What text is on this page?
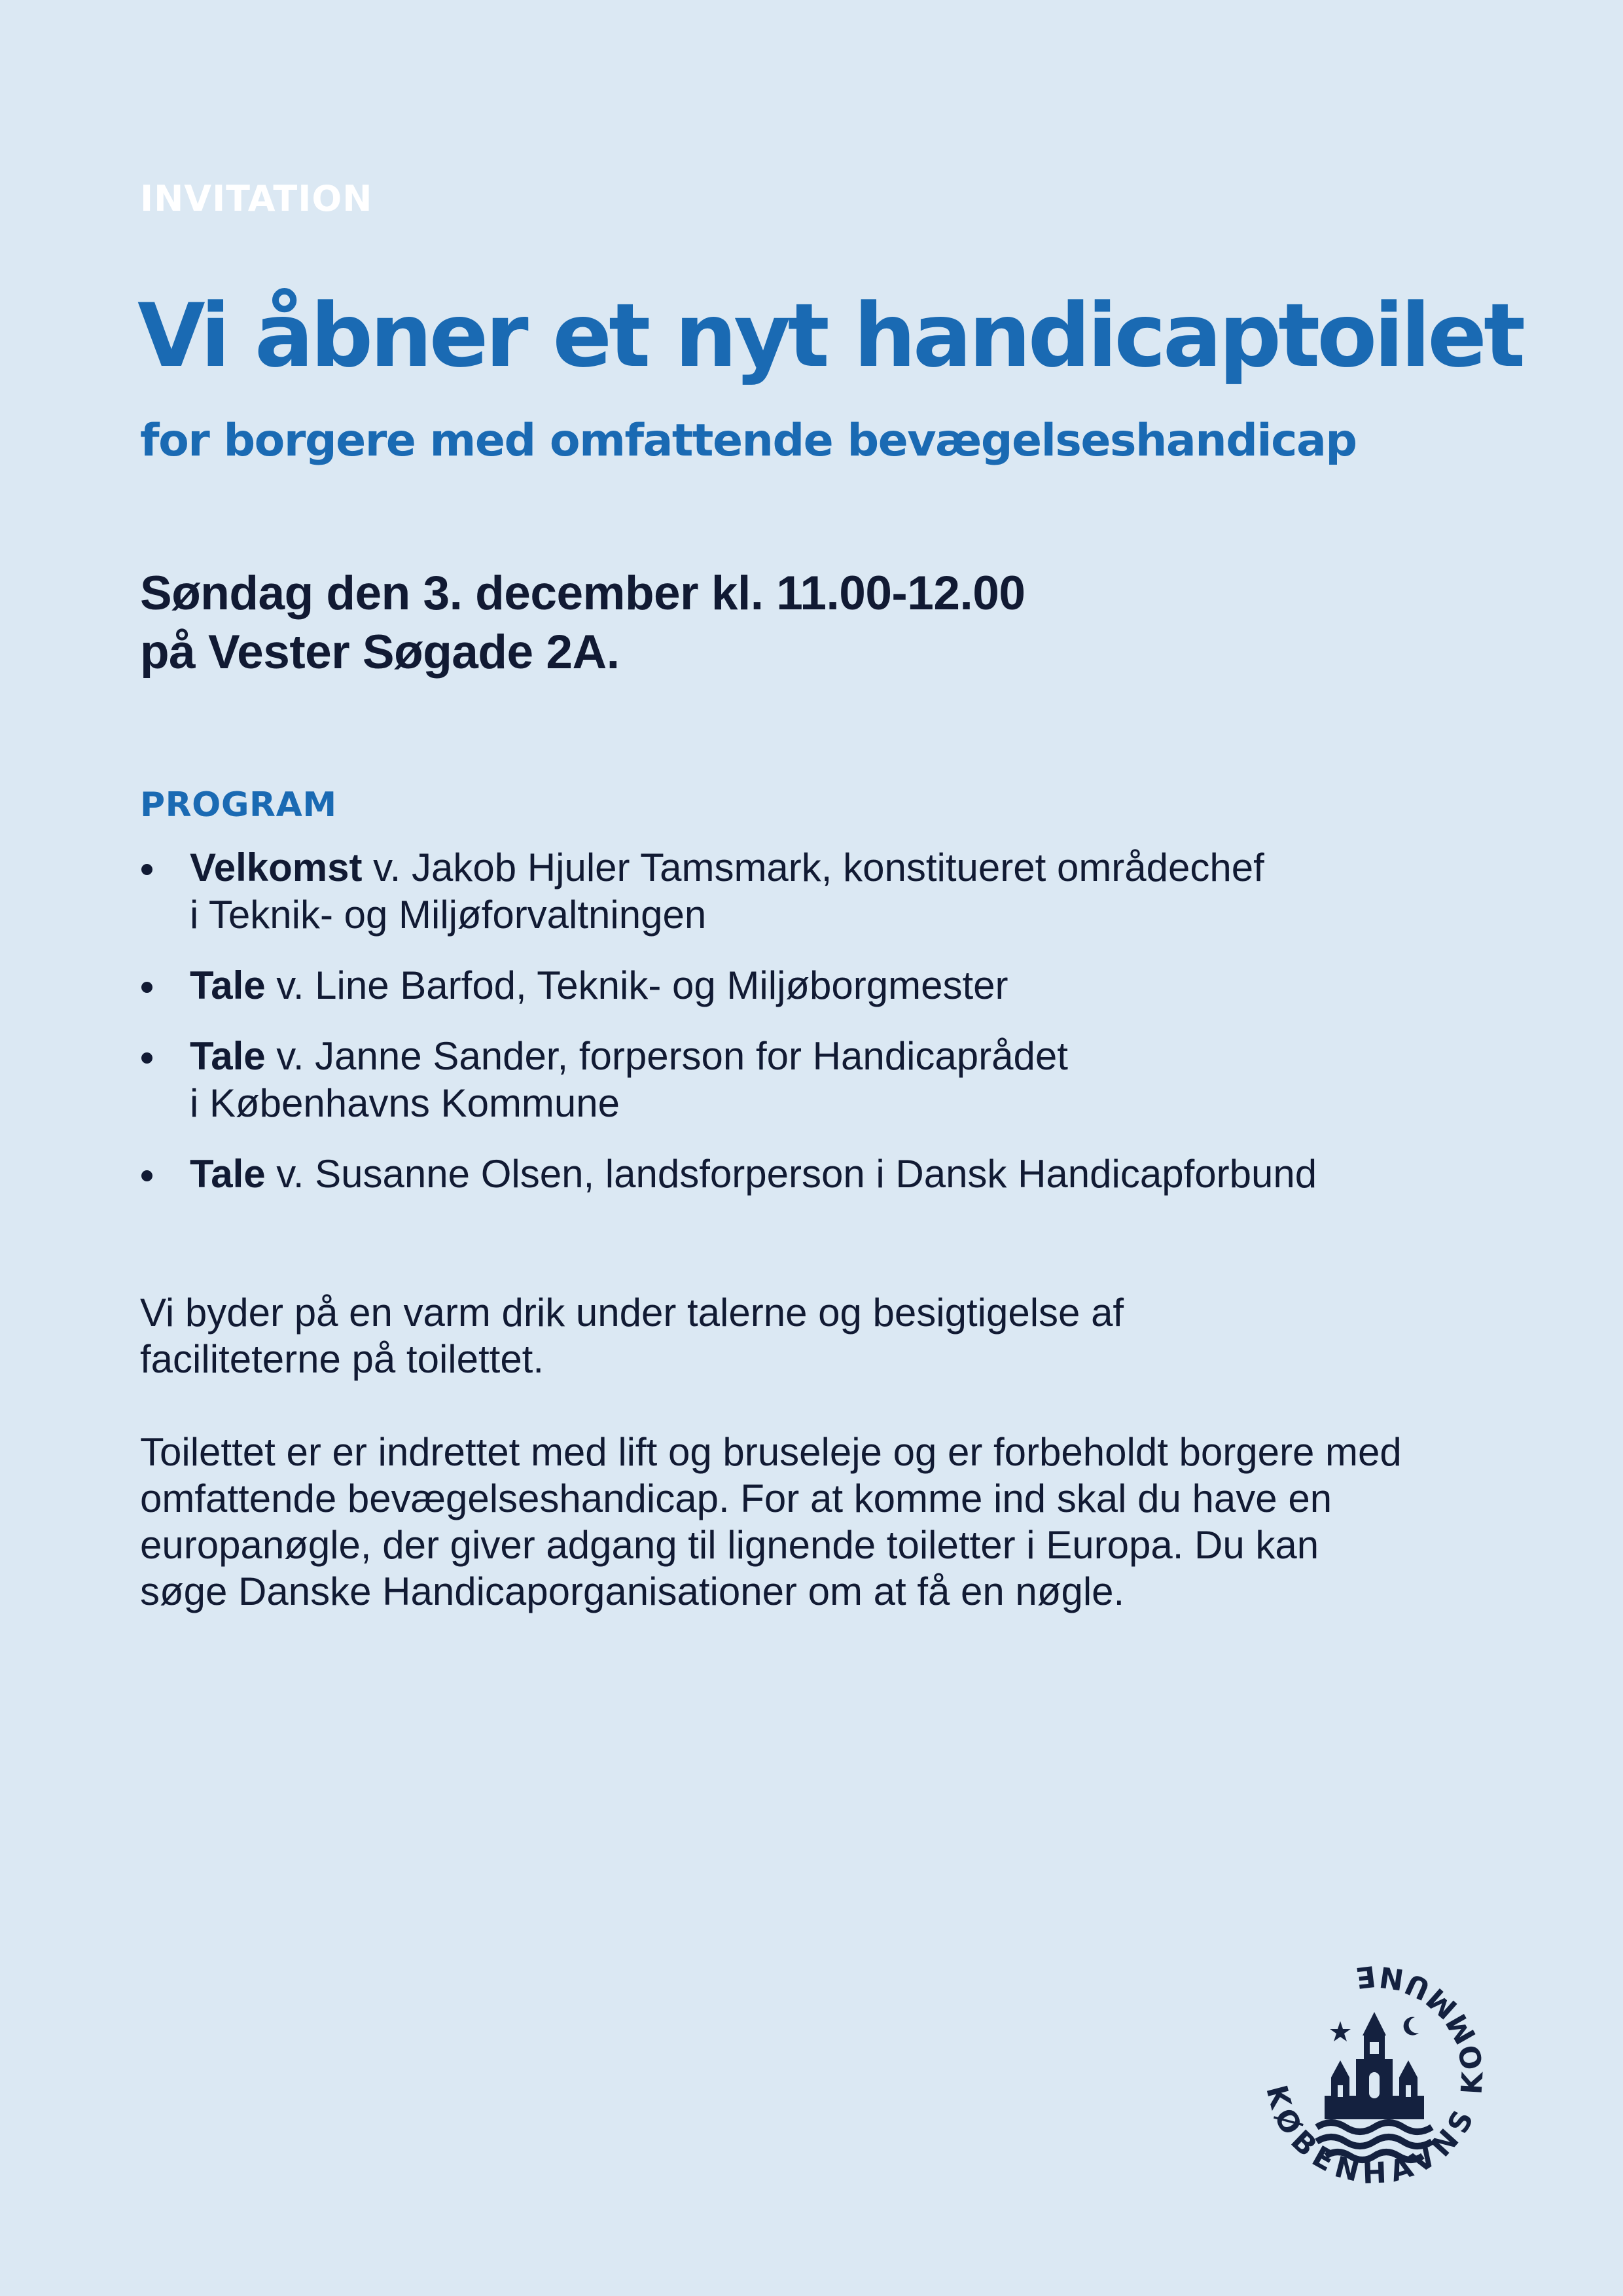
INVITATION
Vi åbner et nyt handicaptoilet
for borgere med omfattende bevægelseshandicap
Søndag den 3. december kl. 11.00-12.00
på Vester Søgade 2A.
PROGRAM
Velkomst v. Jakob Hjuler Tamsmark, konstitueret områdechef
i Teknik- og Miljøforvaltningen
Tale v. Line Barfod, Teknik- og Miljøborgmester
Tale v. Janne Sander, forperson for Handicaprådet
i Københavns Kommune
Tale v. Susanne Olsen, landsforperson i Dansk Handicapforbund
Vi byder på en varm drik under talerne og besigtigelse af
faciliteterne på toilettet.
Toilettet er er indrettet med lift og bruseleje og er forbeholdt borgere med
omfattende bevægelseshandicap. For at komme ind skal du have en
europanøgle, der giver adgang til lignende toiletter i Europa. Du kan
søge Danske Handicaporganisationer om at få en nøgle.
KØBENHAVNS KOMMUNE
